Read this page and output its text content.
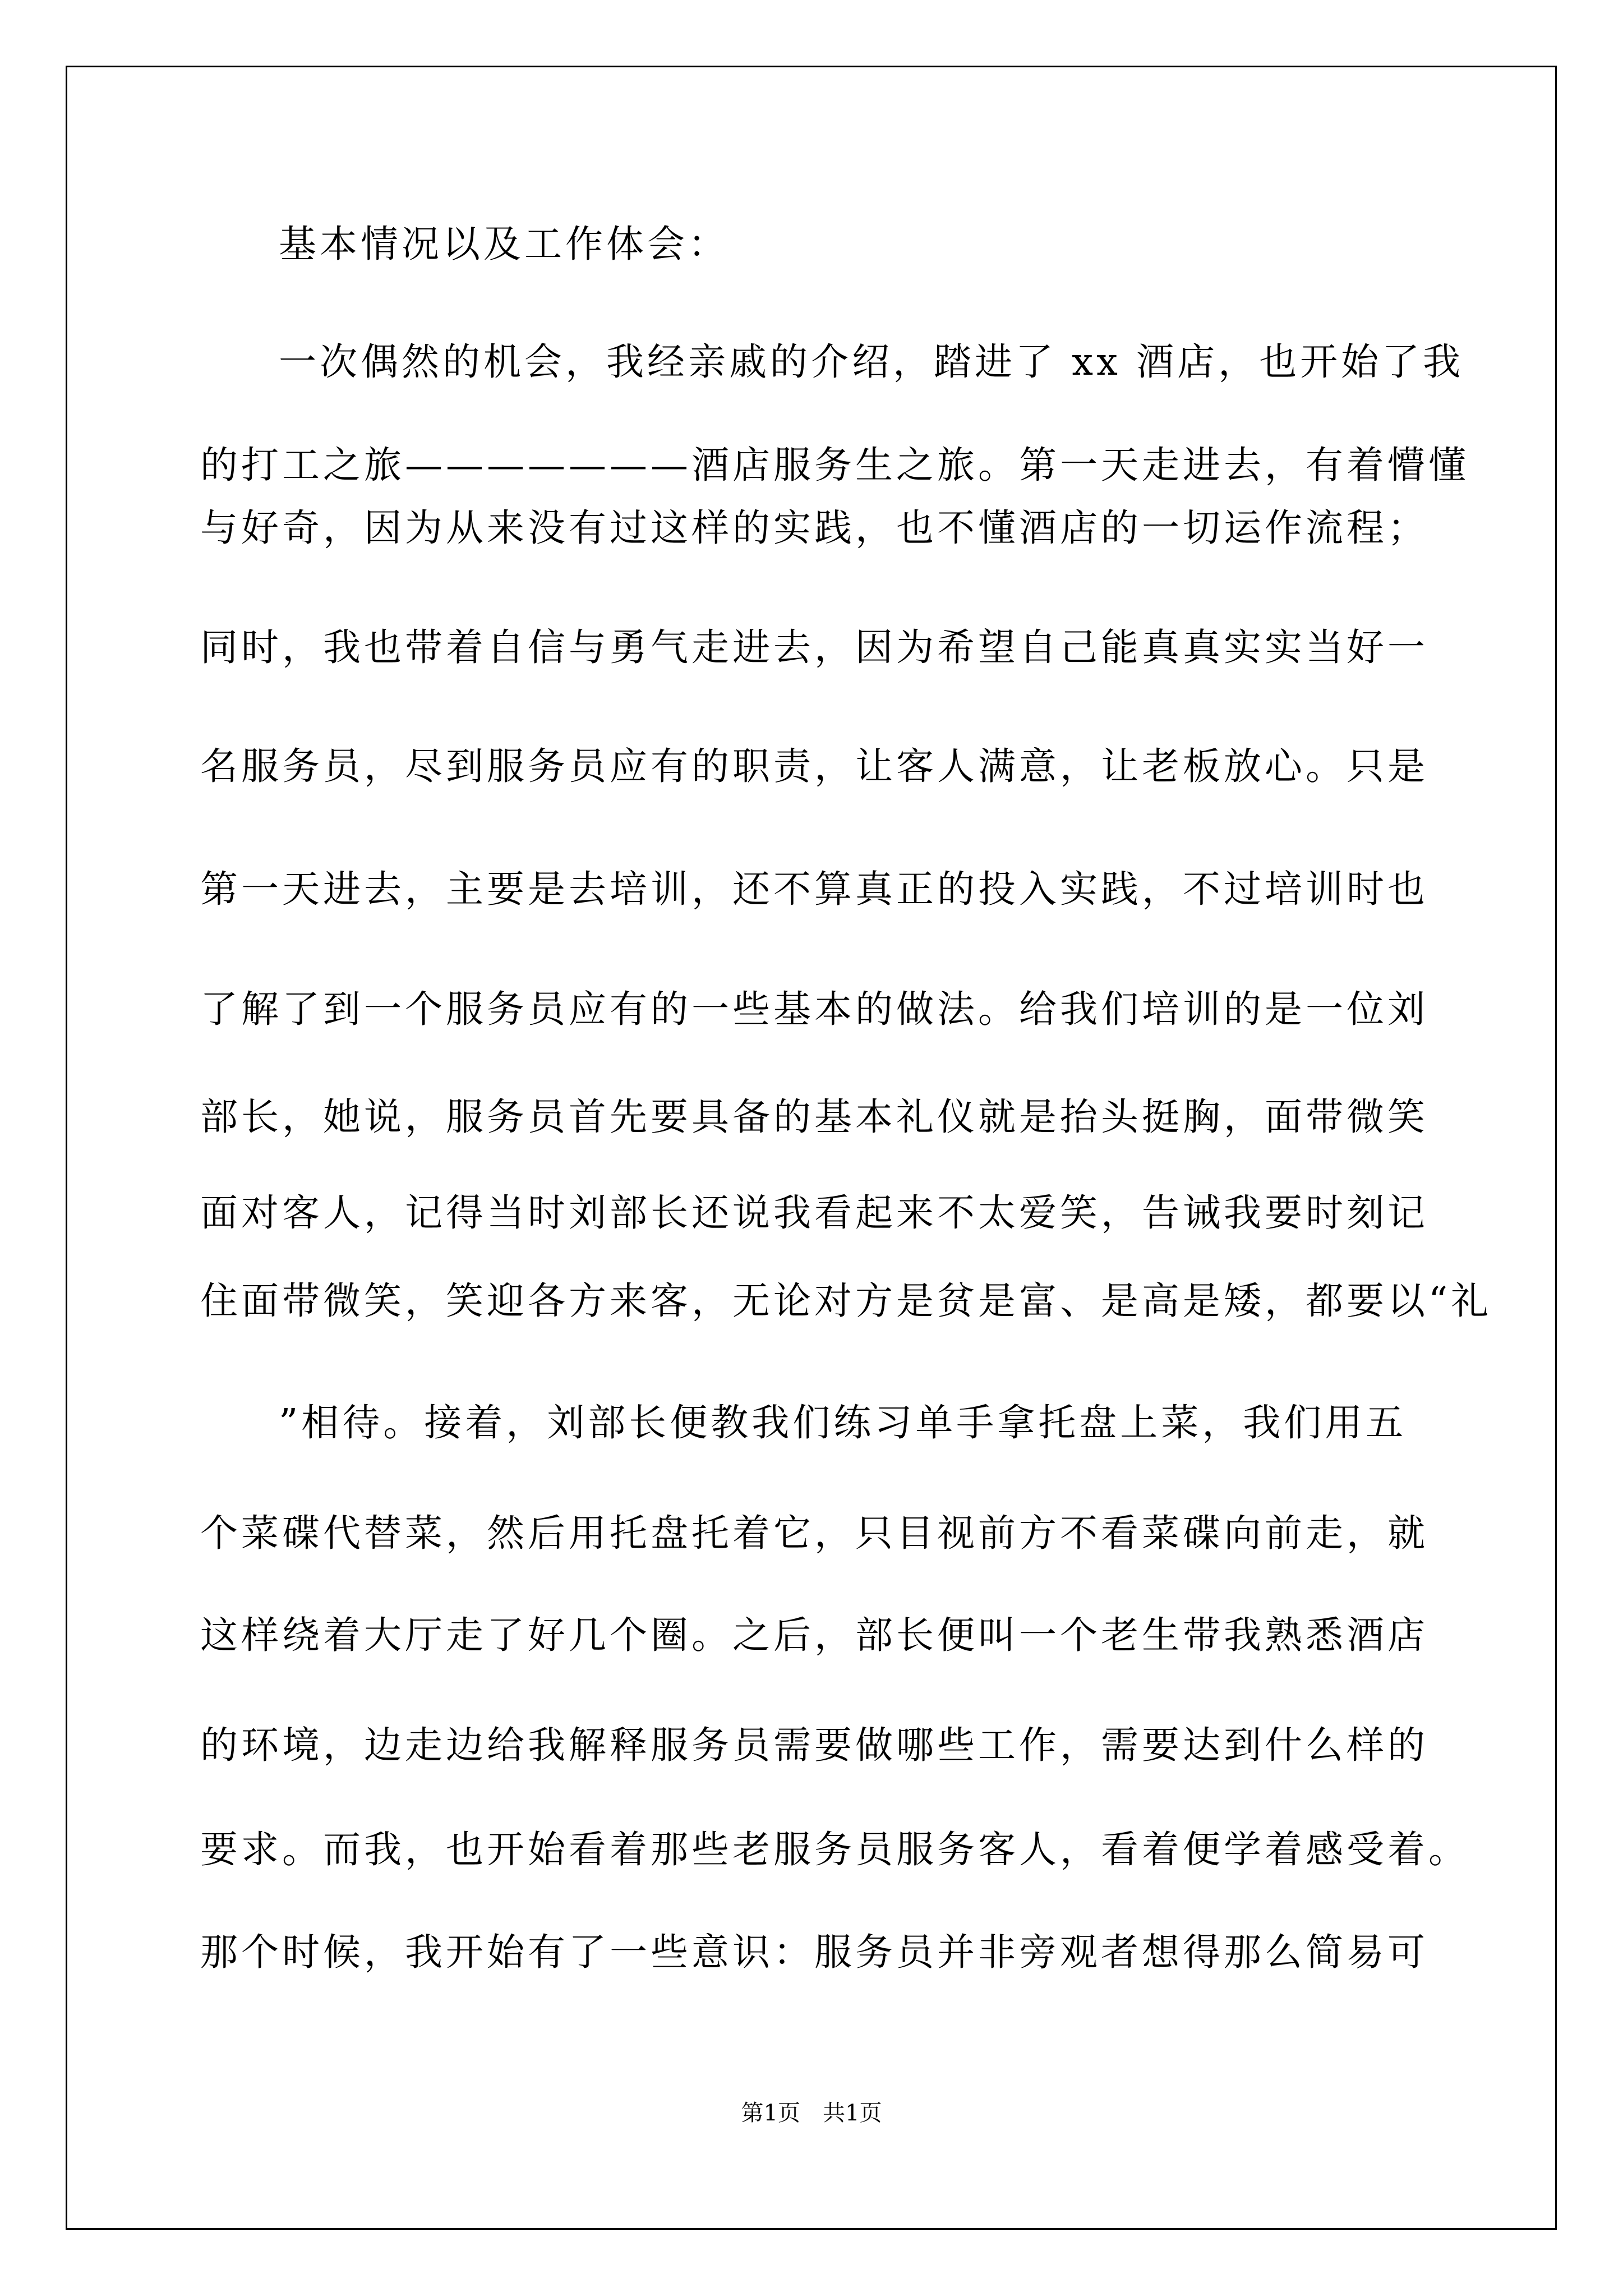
基本情况以及工作体会：
一次偶然的机会，我经亲戚的介绍，踏进了 xx 酒店，也开始了我
的打工之旅———————酒店服务生之旅。第一天走进去，有着懵懂
与好奇，因为从来没有过这样的实践，也不懂酒店的一切运作流程；
同时，我也带着自信与勇气走进去，因为希望自己能真真实实当好一
名服务员，尽到服务员应有的职责，让客人满意，让老板放心。只是
第一天进去，主要是去培训，还不算真正的投入实践，不过培训时也
了解了到一个服务员应有的一些基本的做法。给我们培训的是一位刘
部长，她说，服务员首先要具备的基本礼仪就是抬头挺胸，面带微笑
面对客人，记得当时刘部长还说我看起来不太爱笑，告诫我要时刻记
住面带微笑，笑迎各方来客，无论对方是贫是富、是高是矮，都要以“礼
”相待。接着，刘部长便教我们练习单手拿托盘上菜，我们用五
个菜碟代替菜，然后用托盘托着它，只目视前方不看菜碟向前走，就
这样绕着大厅走了好几个圈。之后，部长便叫一个老生带我熟悉酒店
的环境，边走边给我解释服务员需要做哪些工作，需要达到什么样的
要求。而我，也开始看着那些老服务员服务客人，看着便学着感受着。
那个时候，我开始有了一些意识：服务员并非旁观者想得那么简易可
第1页　共1页
